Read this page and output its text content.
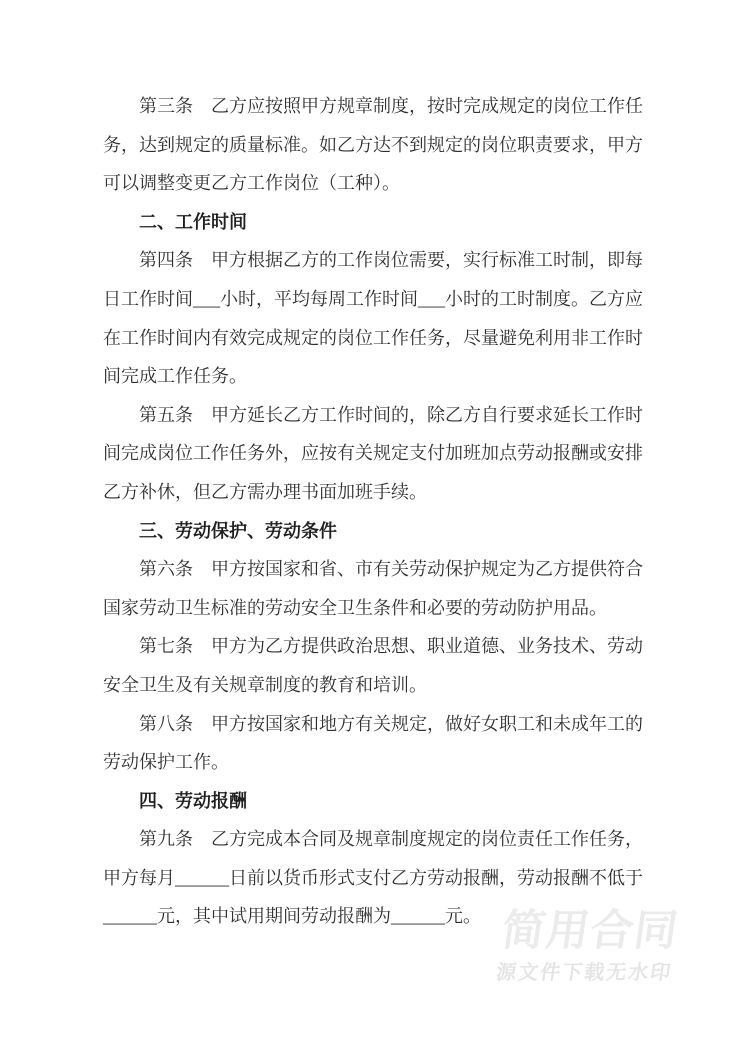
第三条　乙方应按照甲方规章制度，按时完成规定的岗位工作任务，达到规定的质量标准。如乙方达不到规定的岗位职责要求，甲方可以调整变更乙方工作岗位（工种）。

二、工作时间

第四条　甲方根据乙方的工作岗位需要，实行标准工时制，即每日工作时间___小时，平均每周工作时间___小时的工时制度。乙方应在工作时间内有效完成规定的岗位工作任务，尽量避免利用非工作时间完成工作任务。

第五条　甲方延长乙方工作时间的，除乙方自行要求延长工作时间完成岗位工作任务外，应按有关规定支付加班加点劳动报酬或安排乙方补休，但乙方需办理书面加班手续。

三、劳动保护、劳动条件

第六条　甲方按国家和省、市有关劳动保护规定为乙方提供符合国家劳动卫生标准的劳动安全卫生条件和必要的劳动防护用品。

第七条　甲方为乙方提供政治思想、职业道德、业务技术、劳动安全卫生及有关规章制度的教育和培训。

第八条　甲方按国家和地方有关规定，做好女职工和未成年工的劳动保护工作。

四、劳动报酬

第九条　乙方完成本合同及规章制度规定的岗位责任工作任务，甲方每月______日前以货币形式支付乙方劳动报酬，劳动报酬不低于______元，其中试用期间劳动报酬为______元。 简用合同
源文件下载无水印
